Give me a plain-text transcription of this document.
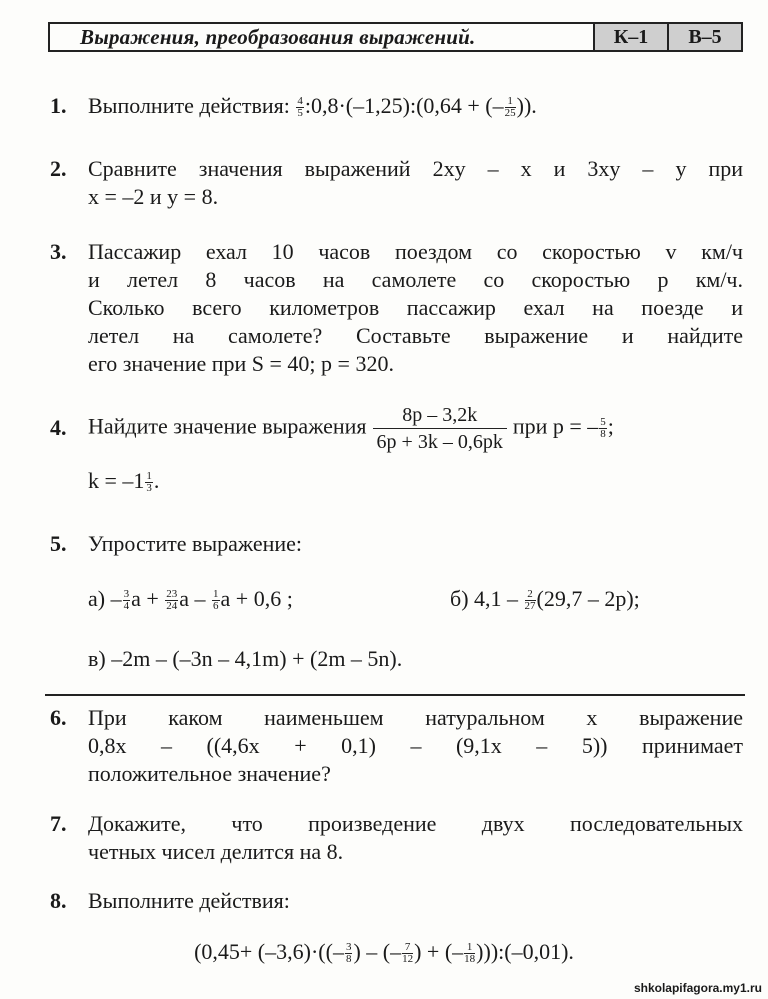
Выражения, преобразования выражений.	К–1	В–5
1. Выполните действия: $\frac{4}{5}$ :0,8·(–1,25):(0,64 + (– $\frac{1}{25}$ )).
2. Сравните значения выражений 2xy – x и 3xy – y при
x = –2 и y = 8.
3. Пассажир ехал 10 часов поездом со скоростью v км/ч
и летел 8 часов на самолете со скоростью p км/ч.
Сколько всего километров пассажир ехал на поезде и
летел на самолете? Составьте выражение и найдите
его значение при S = 40; p = 320.
4. Найдите значение выражения $\frac{8p - 3,2k}{6p + 3k - 0,6pk}$ при p = – $\frac{5}{8}$ ;
$k = -1 \frac{1}{3}$ .
5. Упростите выражение:
$а) - \frac{3}{4}$ $a + \frac{23}{24}$ a – $\frac{1}{6}$ a + 0,6 ;	б) $4,1 - \frac{2}{27} (29,7 - 2p)$;
в) –2m – (–3n – 4,1m) + (2m – 5n).
6. При каком наименьшем натуральном x выражение
0,8x – ((4,6x + 0,1) – (9,1x – 5)) принимает
положительное значение?
7. Докажите, что произведение двух последовательных
четных чисел делится на 8.
8. Выполните действия:
($0,45+ (-3,6)\cdot((- \frac{3}{8}$ ) – (– $\frac{7}{12}$ ) + (– $\frac{1}{18}$ ))):(–0,01).
shkolapifagora.my1.ru
